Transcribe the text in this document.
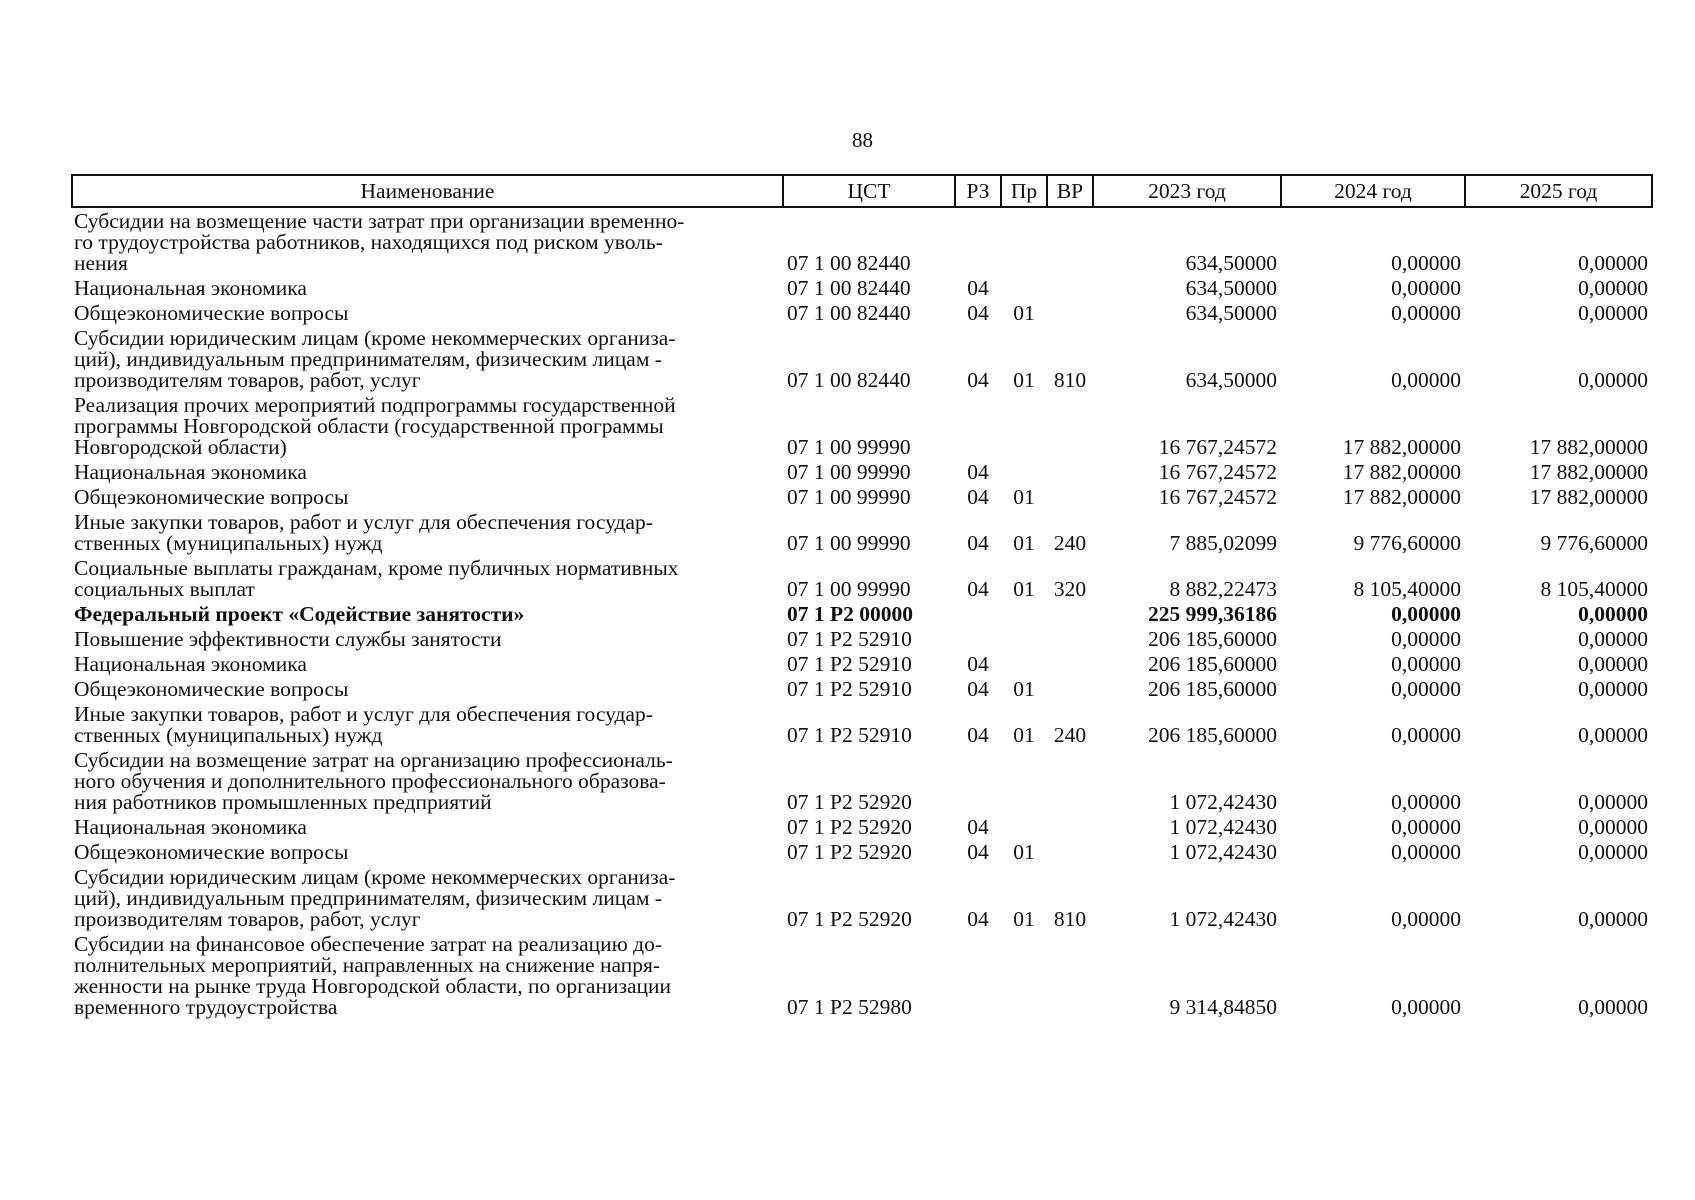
88
Наименование	ЦСТ	РЗ	Пр	ВР	2023 год	2024 год	2025 год

Субсидии на возмещение части затрат при организации временно-
го трудоустройства работников, находящихся под риском уволь-
нения	07 1 00 82440				634,50000	0,00000	0,00000

Национальная экономика	07 1 00 82440	04			634,50000	0,00000	0,00000

Общеэкономические вопросы	07 1 00 82440	04	01		634,50000	0,00000	0,00000

Субсидии юридическим лицам (кроме некоммерческих организа-
ций), индивидуальным предпринимателям, физическим лицам -
производителям товаров, работ, услуг	07 1 00 82440	04	01	810	634,50000	0,00000	0,00000

Реализация прочих мероприятий подпрограммы государственной
программы Новгородской области (государственной программы
Новгородской области)	07 1 00 99990				16 767,24572	17 882,00000	17 882,00000

Национальная экономика	07 1 00 99990	04			16 767,24572	17 882,00000	17 882,00000

Общеэкономические вопросы	07 1 00 99990	04	01		16 767,24572	17 882,00000	17 882,00000

Иные закупки товаров, работ и услуг для обеспечения государ-
ственных (муниципальных) нужд	07 1 00 99990	04	01	240	7 885,02099	9 776,60000	9 776,60000

Социальные выплаты гражданам, кроме публичных нормативных
социальных выплат	07 1 00 99990	04	01	320	8 882,22473	8 105,40000	8 105,40000

Федеральный проект «Содействие занятости»	07 1 Р2 00000				225 999,36186	0,00000	0,00000

Повышение эффективности службы занятости	07 1 Р2 52910				206 185,60000	0,00000	0,00000

Национальная экономика	07 1 Р2 52910	04			206 185,60000	0,00000	0,00000

Общеэкономические вопросы	07 1 Р2 52910	04	01		206 185,60000	0,00000	0,00000

Иные закупки товаров, работ и услуг для обеспечения государ-
ственных (муниципальных) нужд	07 1 Р2 52910	04	01	240	206 185,60000	0,00000	0,00000

Субсидии на возмещение затрат на организацию профессиональ-
ного обучения и дополнительного профессионального образова-
ния работников промышленных предприятий	07 1 Р2 52920				1 072,42430	0,00000	0,00000

Национальная экономика	07 1 Р2 52920	04			1 072,42430	0,00000	0,00000

Общеэкономические вопросы	07 1 Р2 52920	04	01		1 072,42430	0,00000	0,00000

Субсидии юридическим лицам (кроме некоммерческих организа-
ций), индивидуальным предпринимателям, физическим лицам -
производителям товаров, работ, услуг	07 1 Р2 52920	04	01	810	1 072,42430	0,00000	0,00000

Субсидии на финансовое обеспечение затрат на реализацию до-
полнительных мероприятий, направленных на снижение напря-
женности на рынке труда Новгородской области, по организации
временного трудоустройства	07 1 Р2 52980				9 314,84850	0,00000	0,00000
